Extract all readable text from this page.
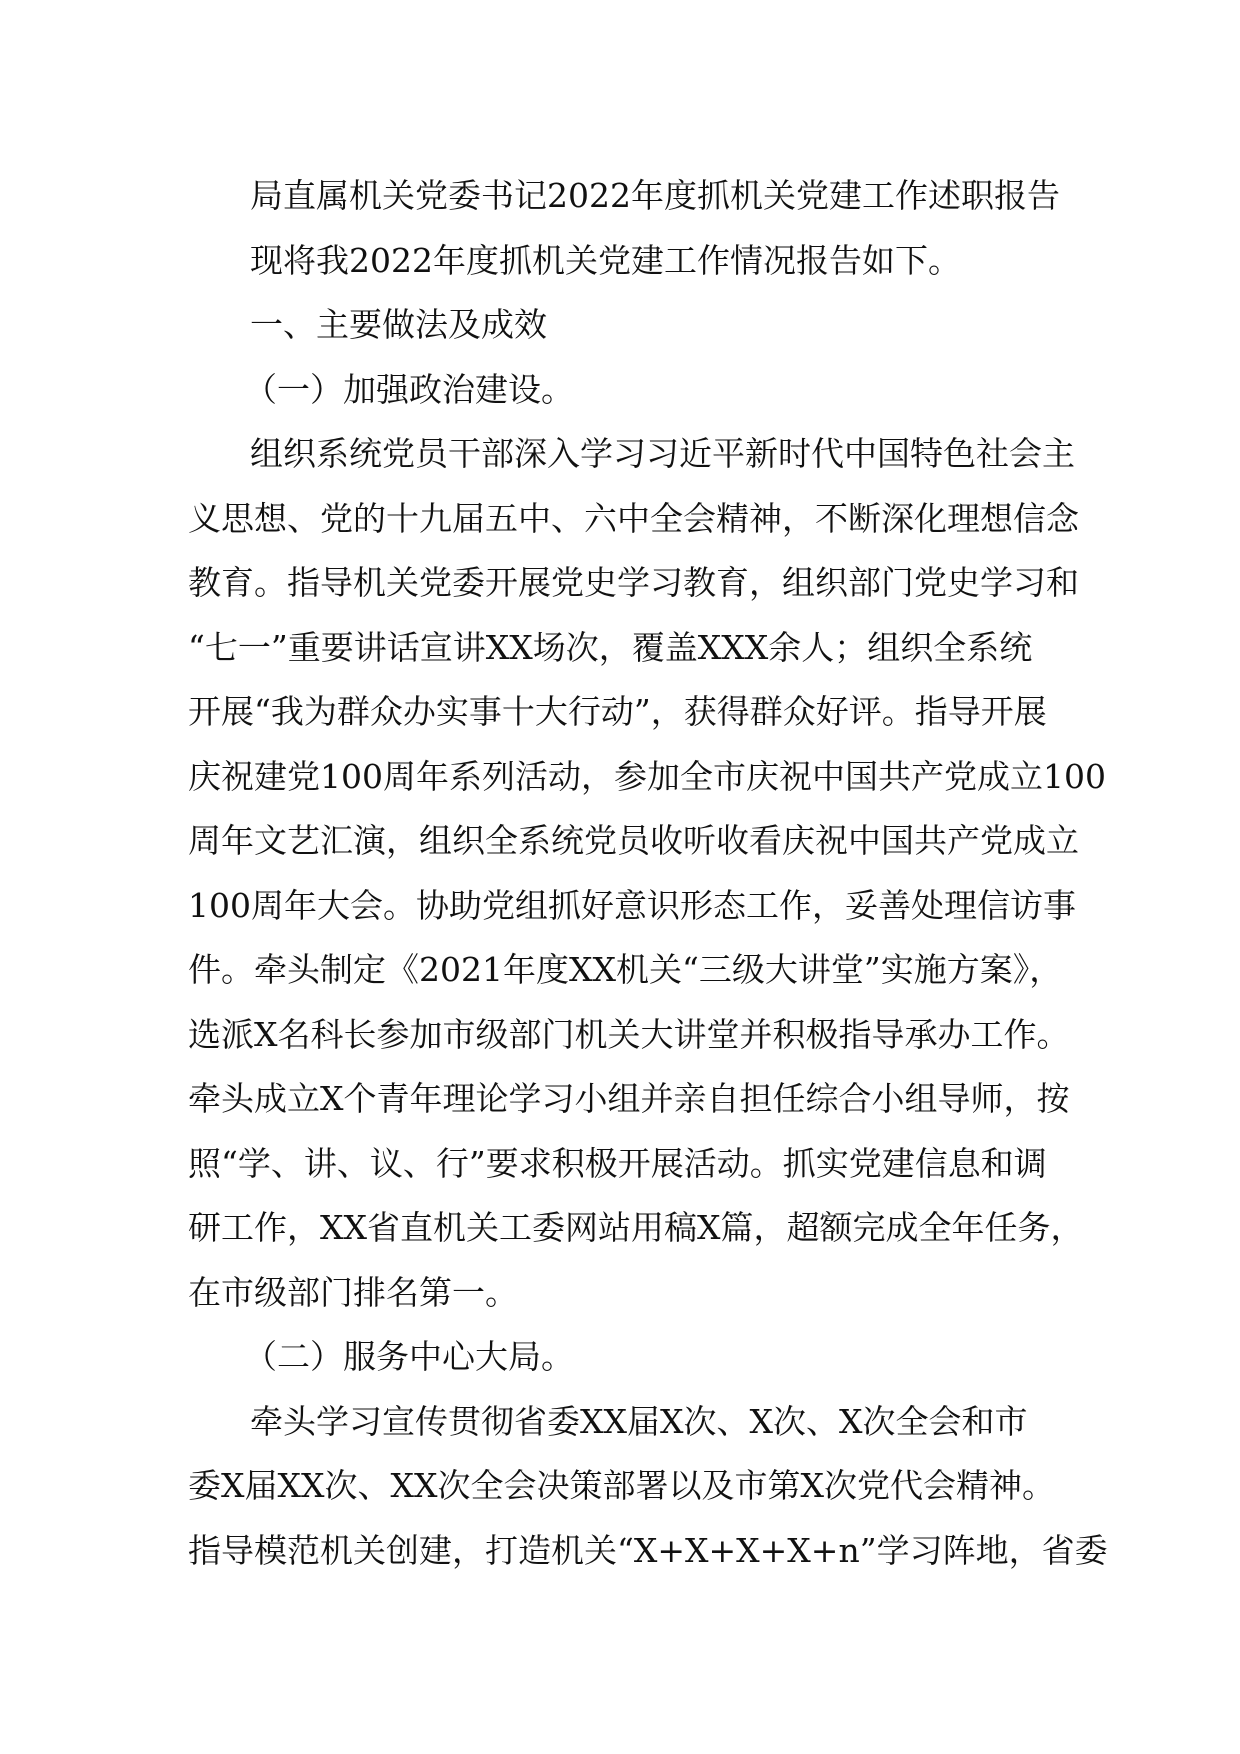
局直属机关党委书记2022年度抓机关党建工作述职报告

现将我2022年度抓机关党建工作情况报告如下。

一、主要做法及成效

（一）加强政治建设。

组织系统党员干部深入学习习近平新时代中国特色社会主

义思想、党的十九届五中、六中全会精神，不断深化理想信念

教育。指导机关党委开展党史学习教育，组织部门党史学习和

“七一”重要讲话宣讲XX场次，覆盖XXX余人；组织全系统

开展“我为群众办实事十大行动”，获得群众好评。指导开展

庆祝建党100周年系列活动，参加全市庆祝中国共产党成立100

周年文艺汇演，组织全系统党员收听收看庆祝中国共产党成立

100周年大会。协助党组抓好意识形态工作，妥善处理信访事

件。牵头制定《2021年度XX机关“三级大讲堂”实施方案》，

选派X名科长参加市级部门机关大讲堂并积极指导承办工作。

牵头成立X个青年理论学习小组并亲自担任综合小组导师，按

照“学、讲、议、行”要求积极开展活动。抓实党建信息和调

研工作，XX省直机关工委网站用稿X篇，超额完成全年任务，

在市级部门排名第一。

（二）服务中心大局。

牵头学习宣传贯彻省委XX届X次、X次、X次全会和市

委X届XX次、XX次全会决策部署以及市第X次党代会精神。

指导模范机关创建，打造机关“X+X+X+X+n”学习阵地，省委
